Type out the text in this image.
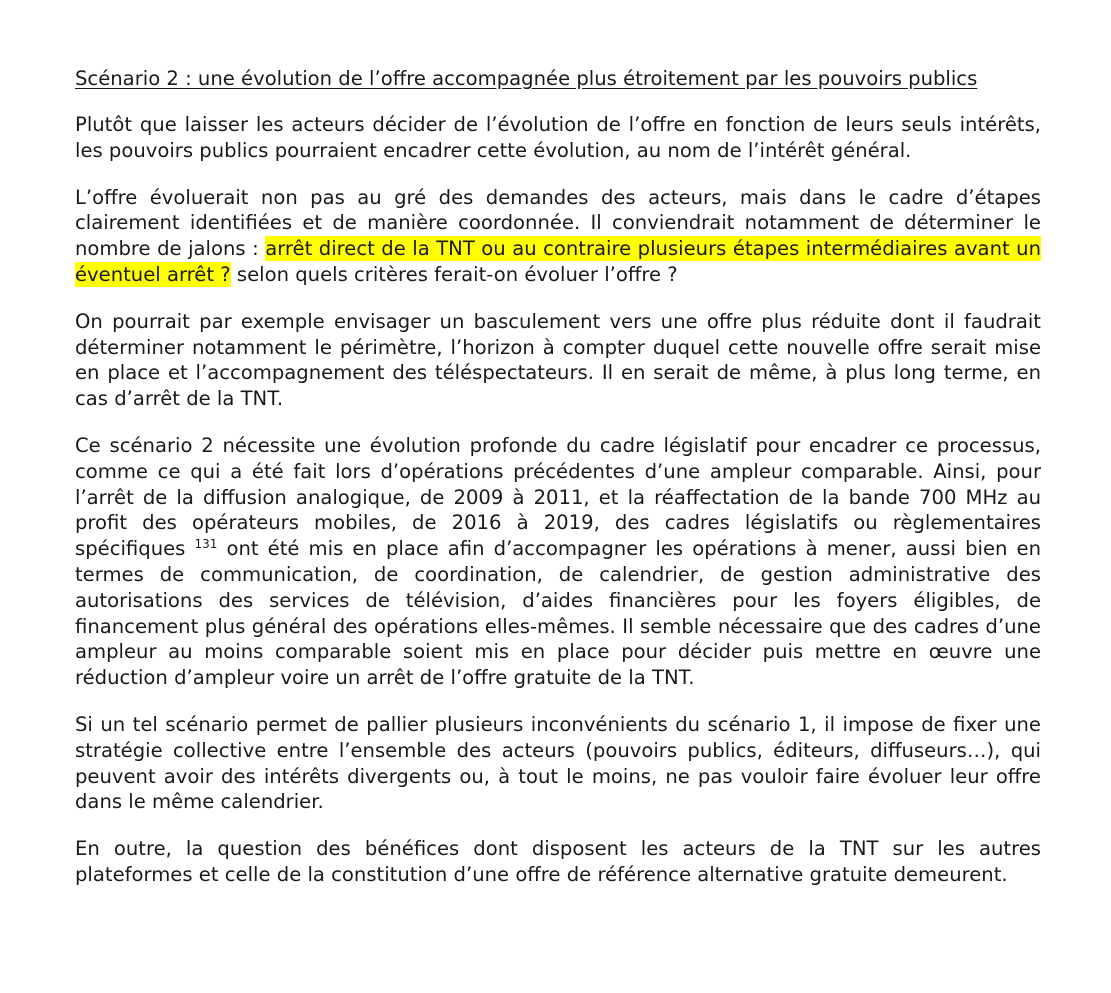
Scénario 2 : une évolution de l’offre accompagnée plus étroitement par les pouvoirs publics

Plutôt que laisser les acteurs décider de l’évolution de l’offre en fonction de leurs seuls intérêts, les pouvoirs publics pourraient encadrer cette évolution, au nom de l’intérêt général.

L’offre évoluerait non pas au gré des demandes des acteurs, mais dans le cadre d’étapes clairement identifiées et de manière coordonnée. Il conviendrait notamment de déterminer le nombre de jalons : arrêt direct de la TNT ou au contraire plusieurs étapes intermédiaires avant un éventuel arrêt ? selon quels critères ferait-on évoluer l’offre ?

On pourrait par exemple envisager un basculement vers une offre plus réduite dont il faudrait déterminer notamment le périmètre, l’horizon à compter duquel cette nouvelle offre serait mise en place et l’accompagnement des téléspectateurs. Il en serait de même, à plus long terme, en cas d’arrêt de la TNT.

Ce scénario 2 nécessite une évolution profonde du cadre législatif pour encadrer ce processus, comme ce qui a été fait lors d’opérations précédentes d’une ampleur comparable. Ainsi, pour l’arrêt de la diffusion analogique, de 2009 à 2011, et la réaffectation de la bande 700 MHz au profit des opérateurs mobiles, de 2016 à 2019, des cadres législatifs ou règlementaires spécifiques $^{131}$ ont été mis en place afin d’accompagner les opérations à mener, aussi bien en termes de communication, de coordination, de calendrier, de gestion administrative des autorisations des services de télévision, d’aides financières pour les foyers éligibles, de financement plus général des opérations elles-mêmes. Il semble nécessaire que des cadres d’une ampleur au moins comparable soient mis en place pour décider puis mettre en œuvre une réduction d’ampleur voire un arrêt de l’offre gratuite de la TNT.

Si un tel scénario permet de pallier plusieurs inconvénients du scénario 1, il impose de fixer une stratégie collective entre l’ensemble des acteurs (pouvoirs publics, éditeurs, diffuseurs…), qui peuvent avoir des intérêts divergents ou, à tout le moins, ne pas vouloir faire évoluer leur offre dans le même calendrier.

En outre, la question des bénéfices dont disposent les acteurs de la TNT sur les autres plateformes et celle de la constitution d’une offre de référence alternative gratuite demeurent.
